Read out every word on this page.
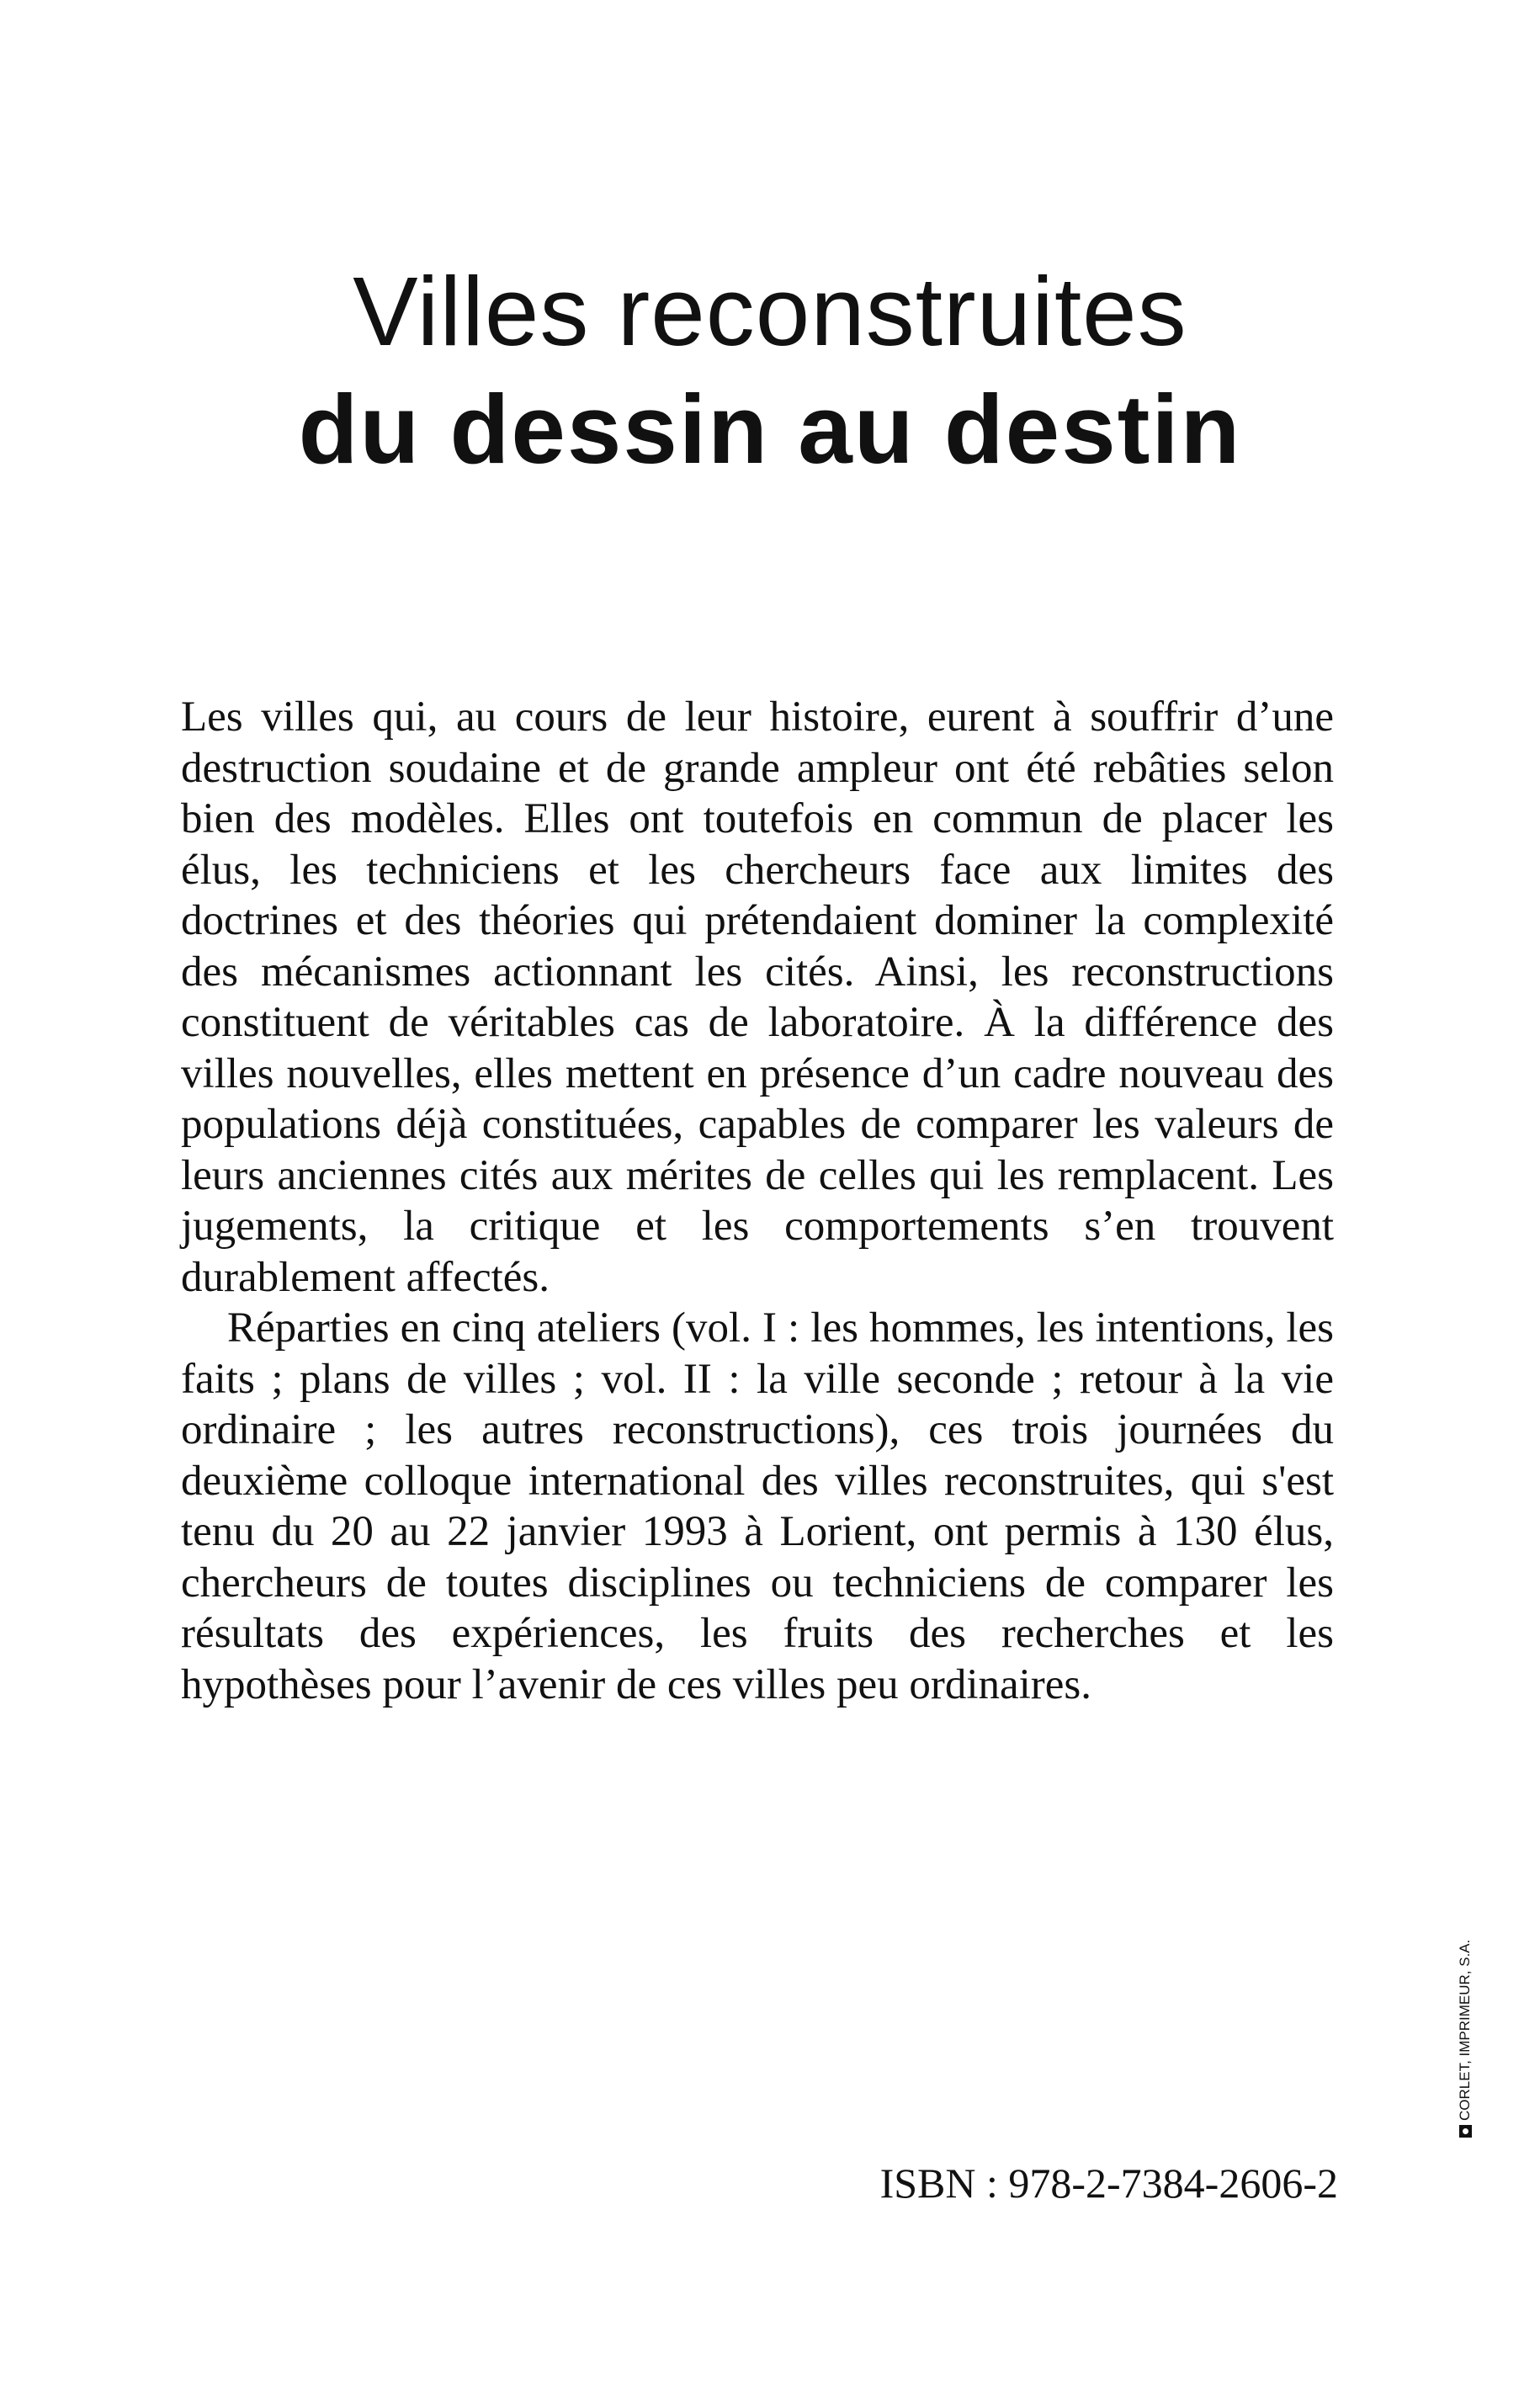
Villes reconstruites
du dessin au destin

Les villes qui, au cours de leur histoire, eurent à souffrir d’une destruction soudaine et de grande ampleur ont été rebâties selon bien des modèles. Elles ont toutefois en commun de placer les élus, les techniciens et les chercheurs face aux limites des doctrines et des théories qui prétendaient dominer la complexité des mécanismes actionnant les cités. Ainsi, les reconstructions constituent de véritables cas de laboratoire. À la différence des villes nouvelles, elles mettent en présence d’un cadre nouveau des populations déjà constituées, capables de comparer les valeurs de leurs anciennes cités aux mérites de celles qui les remplacent. Les jugements, la critique et les comportements s’en trouvent durablement affectés.

Réparties en cinq ateliers (vol. I : les hommes, les intentions, les faits ; plans de villes ; vol. II : la ville seconde ; retour à la vie ordinaire ; les autres reconstructions), ces trois journées du deuxième colloque international des villes reconstruites, qui s'est tenu du 20 au 22 janvier 1993 à Lorient, ont permis à 130 élus, chercheurs de toutes disciplines ou techniciens de comparer les résultats des expériences, les fruits des recherches et les hypothèses pour l’avenir de ces villes peu ordinaires.

ISBN : 978-2-7384-2606-2
CORLET, IMPRIMEUR, S.A.
